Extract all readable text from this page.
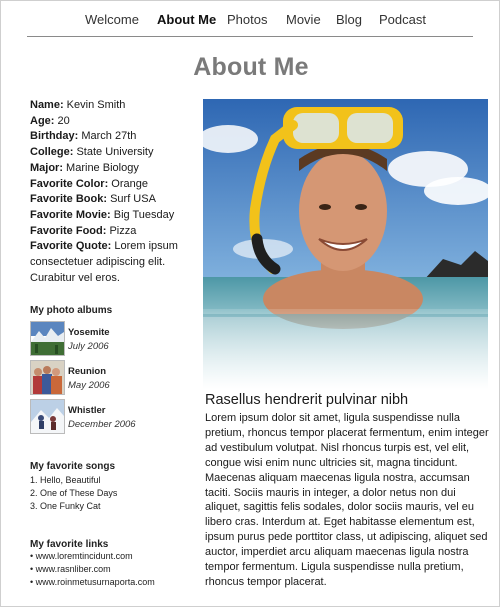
Welcome About Me Photos Movie Blog Podcast
About Me

Name: Kevin Smith

Age: 20

Birthday: March 27th

College: State University

Major: Marine Biology

Favorite Color: Orange

Favorite Book: Surf USA

Favorite Movie: Big Tuesday

Favorite Food: Pizza

Favorite Quote: Lorem ipsum consectetuer adipiscing elit. Curabitur vel eros.

My photo albums
Yosemite
July 2006
Reunion
May 2006
Whistler
December 2006
My favorite songs
1. Hello, Beautiful
2. One of These Days
3. One Funky Cat
My favorite links
• www.loremtincidunt.com
• www.rasnliber.com
• www.roinmetusurnaporta.com
Rasellus hendrerit pulvinar nibh

Lorem ipsum dolor sit amet, ligula suspendisse nulla pretium, rhoncus tempor placerat fermentum, enim integer ad vestibulum volutpat. Nisl rhoncus turpis est, vel elit, congue wisi enim nunc ultricies sit, magna tincidunt. Maecenas aliquam maecenas ligula nostra, accumsan taciti. Sociis mauris in integer, a dolor netus non dui aliquet, sagittis felis sodales, dolor sociis mauris, vel eu libero cras. Interdum at. Eget habitasse elementum est, ipsum purus pede porttitor class, ut adipiscing, aliquet sed auctor, imperdiet arcu aliquam maecenas ligula nostra tempor fermentum. Ligula suspendisse nulla pretium, rhoncus tempor placerat.
